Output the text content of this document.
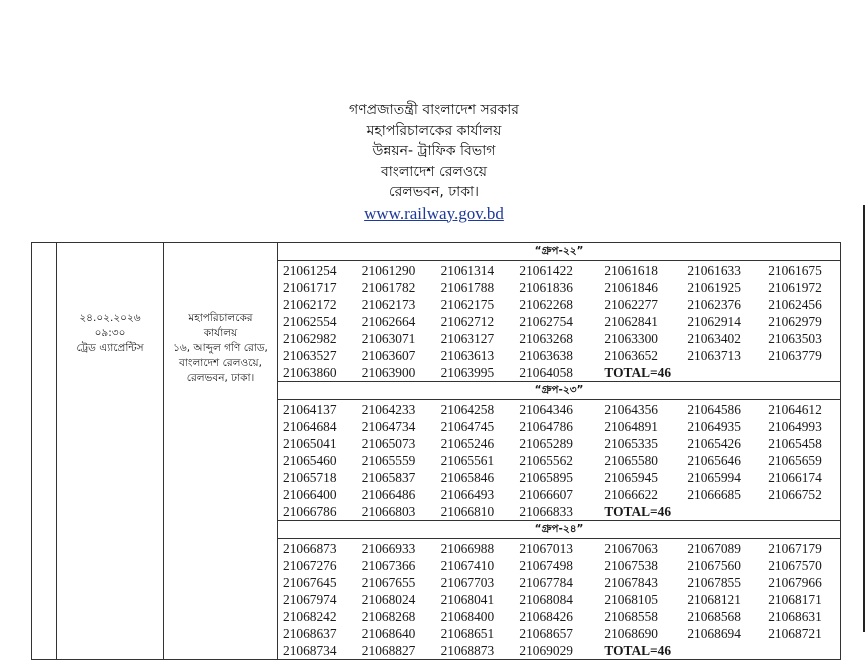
গণপ্রজাতন্ত্রী বাংলাদেশ সরকার
মহাপরিচালকের কার্যালয়
উন্নয়ন- ট্রাফিক বিভাগ
বাংলাদেশ রেলওয়ে
রেলভবন, ঢাকা।
www.railway.gov.bd

২৪.০২.২০২৬
০৯:৩০
ট্রেড এ্যাপ্রেন্টিস

মহাপরিচালকের
কার্যালয়
১৬, আব্দুল গণি রোড,
বাংলাদেশ রেলওয়ে,
রেলভবন, ঢাকা।

“গ্রুপ-২২”
21061254	21061290	21061314	21061422	21061618	21061633	21061675
21061717	21061782	21061788	21061836	21061846	21061925	21061972
21062172	21062173	21062175	21062268	21062277	21062376	21062456
21062554	21062664	21062712	21062754	21062841	21062914	21062979
21062982	21063071	21063127	21063268	21063300	21063402	21063503
21063527	21063607	21063613	21063638	21063652	21063713	21063779
21063860	21063900	21063995	21064058	TOTAL=46		
“গ্রুপ-২৩”
21064137	21064233	21064258	21064346	21064356	21064586	21064612
21064684	21064734	21064745	21064786	21064891	21064935	21064993
21065041	21065073	21065246	21065289	21065335	21065426	21065458
21065460	21065559	21065561	21065562	21065580	21065646	21065659
21065718	21065837	21065846	21065895	21065945	21065994	21066174
21066400	21066486	21066493	21066607	21066622	21066685	21066752
21066786	21066803	21066810	21066833	TOTAL=46		
“গ্রুপ-২৪”
21066873	21066933	21066988	21067013	21067063	21067089	21067179
21067276	21067366	21067410	21067498	21067538	21067560	21067570
21067645	21067655	21067703	21067784	21067843	21067855	21067966
21067974	21068024	21068041	21068084	21068105	21068121	21068171
21068242	21068268	21068400	21068426	21068558	21068568	21068631
21068637	21068640	21068651	21068657	21068690	21068694	21068721
21068734	21068827	21068873	21069029	TOTAL=46		
